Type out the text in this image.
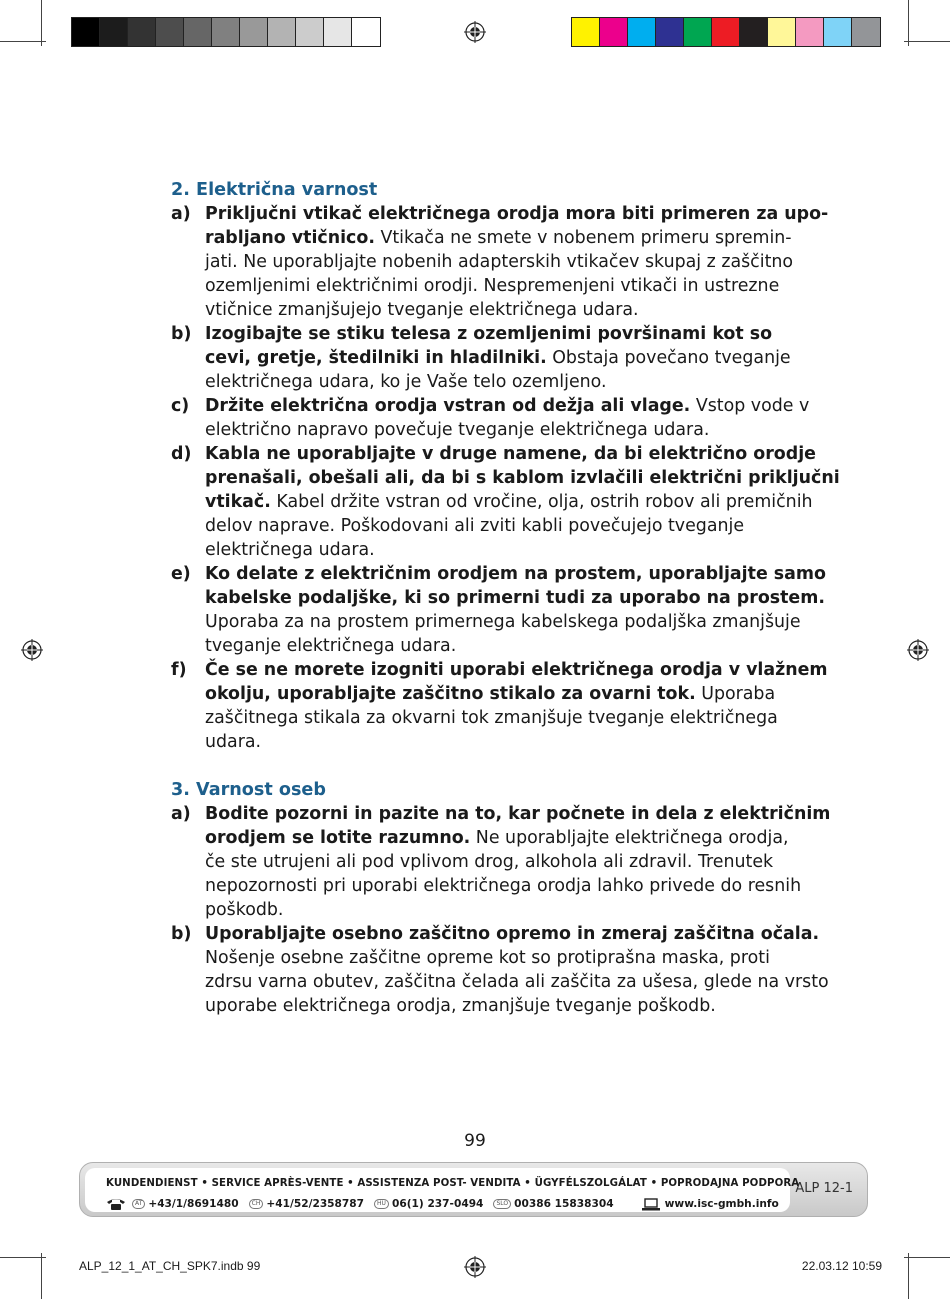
2. Električna varnost
a) Priključni vtikač električnega orodja mora biti primeren za upo-
rabljano vtičnico. Vtikača ne smete v nobenem primeru spremin-
jati. Ne uporabljajte nobenih adapterskih vtikačev skupaj z zaščitno
ozemljenimi električnimi orodji. Nespremenjeni vtikači in ustrezne
vtičnice zmanjšujejo tveganje električnega udara.
b) Izogibajte se stiku telesa z ozemljenimi površinami kot so
cevi, gretje, štedilniki in hladilniki. Obstaja povečano tveganje
električnega udara, ko je Vaše telo ozemljeno.
c) Držite električna orodja vstran od dežja ali vlage. Vstop vode v
električno napravo povečuje tveganje električnega udara.
d) Kabla ne uporabljajte v druge namene, da bi električno orodje
prenašali, obešali ali, da bi s kablom izvlačili električni priključni
vtikač. Kabel držite vstran od vročine, olja, ostrih robov ali premičnih
delov naprave. Poškodovani ali zviti kabli povečujejo tveganje
električnega udara.
e) Ko delate z električnim orodjem na prostem, uporabljajte samo
kabelske podaljške, ki so primerni tudi za uporabo na prostem.
Uporaba za na prostem primernega kabelskega podaljška zmanjšuje
tveganje električnega udara.
f)	Če se ne morete izogniti uporabi električnega orodja v vlažnem
okolju, uporabljajte zaščitno stikalo za ovarni tok. Uporaba
zaščitnega stikala za okvarni tok zmanjšuje tveganje električnega
udara.
3. Varnost oseb
a) Bodite pozorni in pazite na to, kar počnete in dela z električnim
orodjem se lotite razumno. Ne uporabljajte električnega orodja,
če ste utrujeni ali pod vplivom drog, alkohola ali zdravil. Trenutek
nepozornosti pri uporabi električnega orodja lahko privede do resnih
poškodb.
b) Uporabljajte osebno zaščitno opremo in zmeraj zaščitna očala.
Nošenje osebne zaščitne opreme kot so protiprašna maska, proti
zdrsu varna obutev, zaščitna čelada ali zaščita za ušesa, glede na vrsto
uporabe električnega orodja, zmanjšuje tveganje poškodb.
99
KUNDENDIENST • SERVICE APRÈS-VENTE • ASSISTENZA POST- VENDITA • ÜGYFÉLSZOLGÁLAT • POPRODAJNA PODPORA
AT +43/1/8691480	CH +41/52/2358787	HU 06(1) 237-0494	SLO 00386 15838304	www.isc-gmbh.info
ALP 12-1
ALP_12_1_AT_CH_SPK7.indb 99	22.03.12 10:59
